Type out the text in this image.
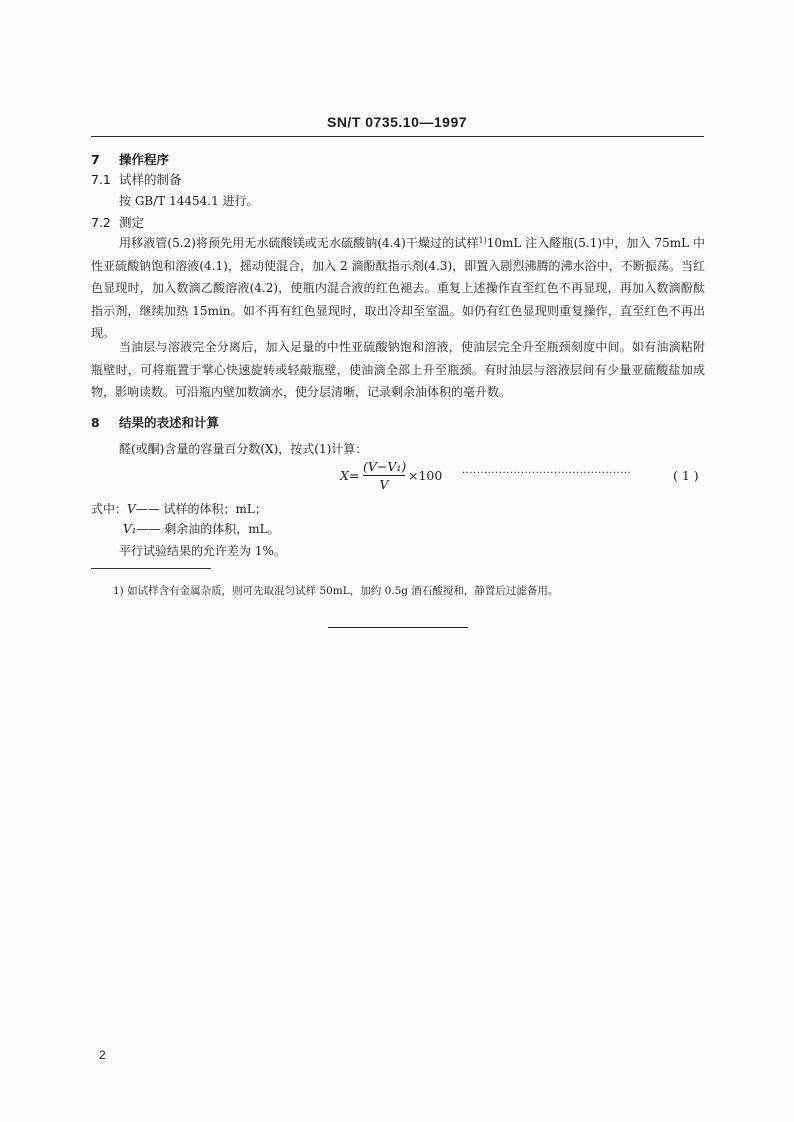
SN/T 0735.10—1997
7 操作程序
7.1 试样的制备
按 GB/T 14454.1 进行。
7.2 测定
用移液管(5.2)将预先用无水硫酸镁或无水硫酸钠(4.4)干燥过的试样$^{1)}$10mL 注入醛瓶(5.1)中，加入 75mL 中性亚硫酸钠饱和溶液(4.1)，摇动使混合，加入 2 滴酚酞指示剂(4.3)，即置入剧烈沸腾的沸水浴中，不断振荡。当红色显现时，加入数滴乙酸溶液(4.2)，使瓶内混合液的红色褪去。重复上述操作直至红色不再显现，再加入数滴酚酞指示剂，继续加热 15min。如不再有红色显现时，取出冷却至室温。如仍有红色显现则重复操作，直至红色不再出现。
当油层与溶液完全分离后，加入足量的中性亚硫酸钠饱和溶液，使油层完全升至瓶颈刻度中间。如有油滴粘附瓶壁时，可将瓶置于掌心快速旋转或轻敲瓶壁，使油滴全部上升至瓶颈。有时油层与溶液层间有少量亚硫酸盐加成物，影响读数。可沿瓶内壁加数滴水，使分层清晰，记录剩余油体积的毫升数。
8 结果的表述和计算
醛(或酮)含量的容量百分数(X)，按式(1)计算：
X=
(V−V₁)
V
×100 ··············································	( 1 )
式中：V—— 试样的体积；mL；
V₁—— 剩余油的体积，mL。
平行试验结果的允许差为 1%。
1) 如试样含有金属杂质，则可先取混匀试样 50mL，加约 0.5g 酒石酸搅和，静置后过滤备用。
2
